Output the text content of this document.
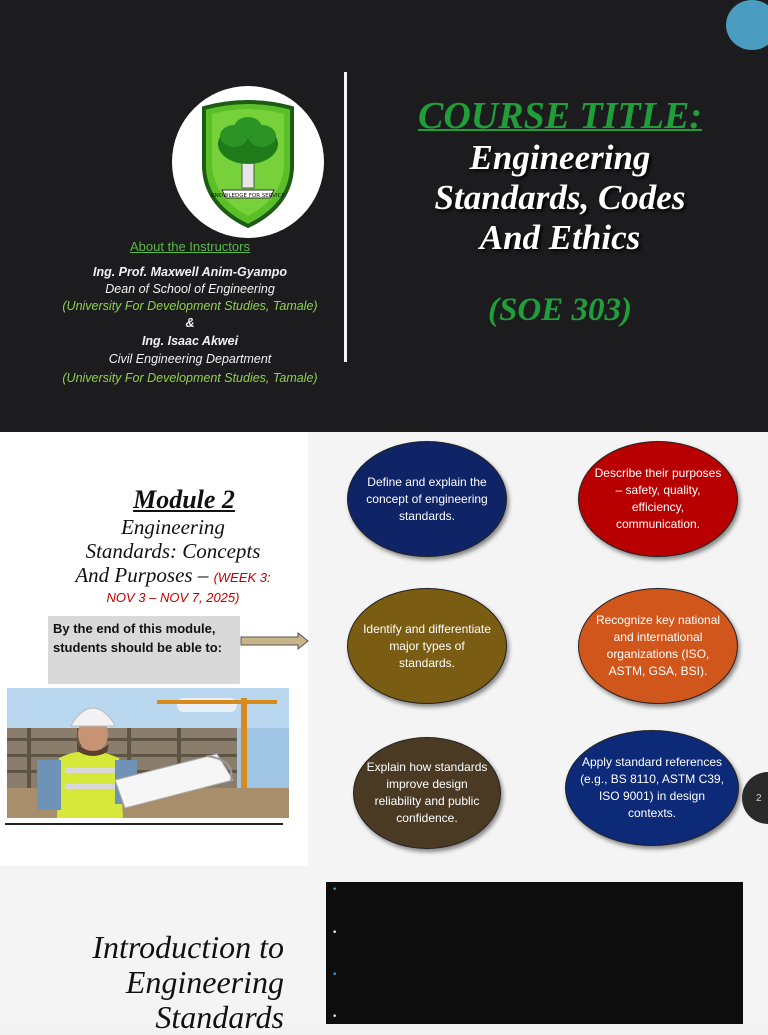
KNOWLEDGE FOR SERVICE
About the Instructors
Ing. Prof. Maxwell Anim-Gyampo
Dean of School of Engineering
(University For Development Studies, Tamale)
&
Ing. Isaac Akwei
Civil Engineering Department
(University For Development Studies, Tamale)
COURSE TITLE:
Engineering
Standards, Codes
And Ethics
(SOE 303)
Module 2
Engineering
Standards: Concepts
And Purposes – (WEEK 3:
NOV 3 – NOV 7, 2025)
By the end of this module, students should be able to:
Define and explain the concept of engineering standards.
Describe their purposes – safety, quality, efficiency, communication.
Identify and differentiate major types of standards.
Recognize key national and international organizations (ISO, ASTM, GSA, BSI).
Explain how standards improve design reliability and public confidence.
Apply standard references (e.g., BS 8110, ASTM C39, ISO 9001) in design contexts.
2
Introduction to
Engineering
Standards
•
•
•
•
